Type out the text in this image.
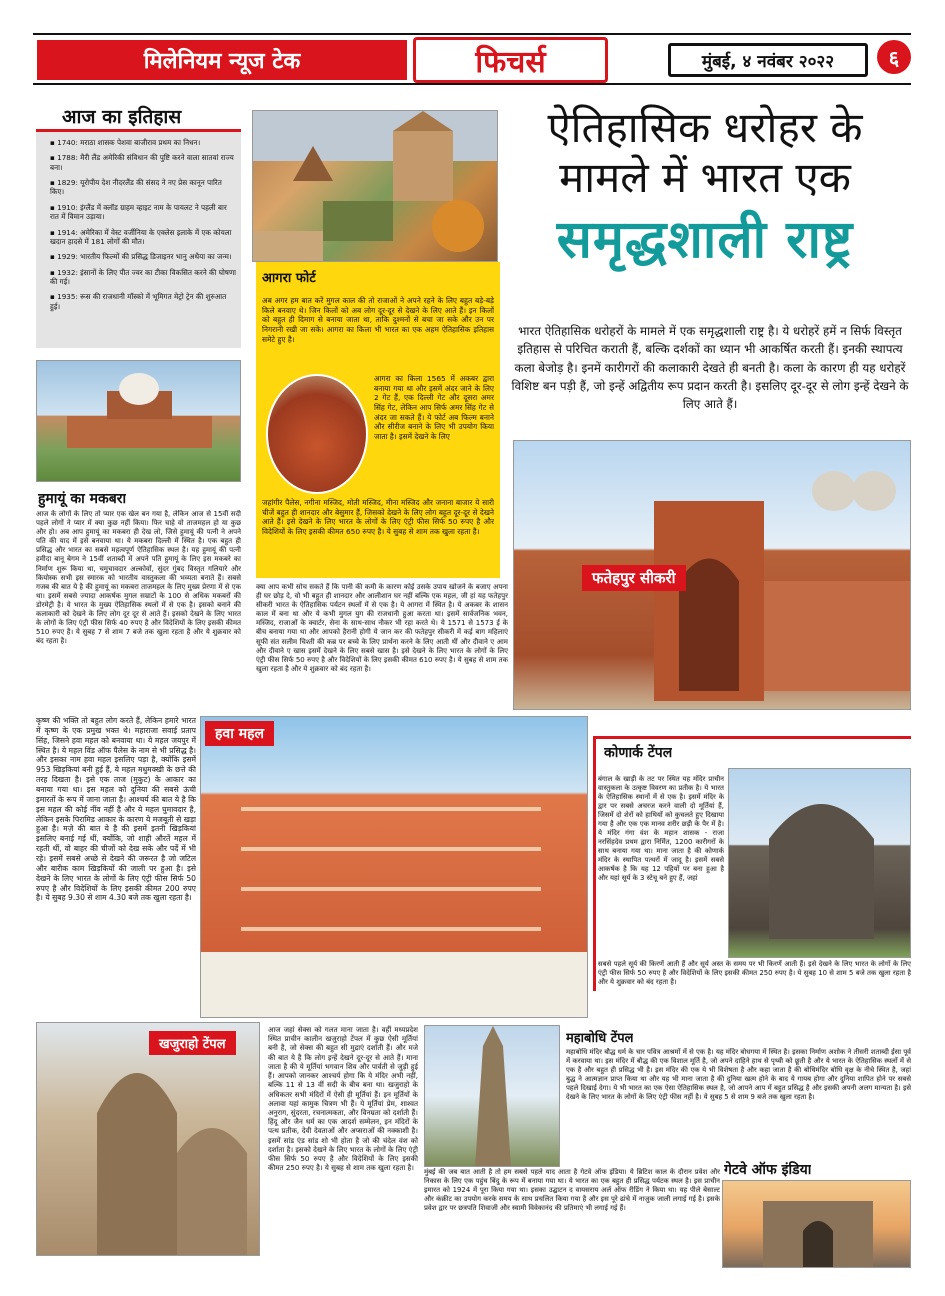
मिलेनियम न्यूज टेक	फिचर्स	मुंबई, ४ नवंबर २०२२	६
आज का इतिहास
▪ 1740: मराठा शासक पेशवा बाजीराव प्रथम का निधन।
▪ 1788: मैरी लैंड अमेरिकी संविधान की पुष्टि करने वाला सातवां राज्य बना।
▪ 1829: यूरोपीय देश नीदरलैंड की संसद ने नए प्रेस कानून पारित किए।
▪ 1910: इंग्लैंड में क्लॉड ग्राहम व्हाइट नाम के पायलट ने पहली बार रात में विमान उड़ाया।
▪ 1914: अमेरिका में वेस्ट वर्जीनिया के एक्लेस इलाके में एक कोयला खदान हादसे में 181 लोगों की मौत।
▪ 1929: भारतीय फिल्मों की प्रसिद्ध डिजाइनर भानु अथैया का जन्म।
▪ 1932: इंसानों के लिए पीत ज्वर का टीका विकसित करने की घोषणा की गई।
▪ 1935: रूस की राजधानी मॉस्को में भूमिगत मेट्रो ट्रेन की शुरुआत हुई।
ऐतिहासिक धरोहर के
मामले में भारत एक
समृद्धशाली राष्ट्र
भारत ऐतिहासिक धरोहरों के मामले में एक समृद्धशाली राष्ट्र है। ये धरोहरें हमें न सिर्फ विस्तृत इतिहास से परिचित कराती हैं, बल्कि दर्शकों का ध्यान भी आकर्षित करती हैं। इनकी स्थापत्य कला बेजोड़ है। इनमें कारीगरों की कलाकारी देखते ही बनती है। कला के कारण ही यह धरोहरें विशिष्ट बन पड़ी हैं, जो इन्हें अद्वितीय रूप प्रदान करती है। इसलिए दूर-दूर से लोग इन्हें देखने के लिए आते हैं।
आगरा फोर्ट
अब अगर हम बात करें मुगल काल की तो राजाओं ने अपने रहने के लिए बहुत बड़े-बड़े किले बनवाए थे। जिन किलों को अब लोग दूर-दूर से देखने के लिए आते हैं। इन किलों को बहुत ही दिमाग से बनाया जाता था, ताकि दुश्मनों से बचा जा सके और उन पर निगरानी रखी जा सके। आगरा का किला भी भारत का एक अहम ऐतिहासिक इतिहास समेटे हुए है।
आगरा का किला 1565 में अकबर द्वारा बनाया गया था और इसमें अंदर जाने के लिए 2 गेट हैं, एक दिल्ली गेट और दूसरा अमर सिंह गेट, लेकिन आप सिर्फ अमर सिंह गेट से अंदर जा सकते हैं। ये फोर्ट अब फिल्म बनाने और सीरीज बनाने के लिए भी उपयोग किया जाता है। इसमें देखने के लिए
जहांगीर पैलेस, नगीना मस्जिद, मोती मस्जिद, मीना मस्जिद और जनाना बाजार ये सारी चीजें बहुत ही शानदार और बेसुमार हैं, जिसको देखने के लिए लोग बहुत दूर-दूर से देखने आते हैं। इसे देखने के लिए भारत के लोगों के लिए एंट्री फीस सिर्फ 50 रुपए है और विदेशियों के लिए इसकी कीमत 650 रुपए है। ये सुबह से शाम तक खुला रहता है।
हुमायूं का मकबरा
आज के लोगों के लिए तो प्यार एक खेल बन गया है, लेकिन आज से 15वीं सदी पहले लोगों ने प्यार में क्या कुछ नहीं किया। फिर चाहे वो ताजमहल हो या कुछ और हो। अब आप हुमायूं का मकबरा ही देख लो, जिसे हुमायूं की पत्नी ने अपने पति की याद में इसे बनवाया था। ये मकबरा दिल्ली में स्थित है। एक बहुत ही प्रसिद्ध और भारत का सबसे महत्वपूर्ण ऐतिहासिक स्थल है। यह हुमायूं की पत्नी हमीदा बानू बेगम ने 15वीं शताब्दी में अपने पति हुमायूं के लिए इस मकबरे का निर्माण शुरू किया था, चमुचावदार अल्कोवों, सुंदर गुंबद विस्तृत गलियारे और कियोस्क सभी इस स्मारक को भारतीय वास्तुकला की भव्यता बनाते हैं। सबसे गजब की बात ये है की हुमायूं का मकबरा ताजमहल के लिए मुख्य प्रेरणा में से एक था। इसमें सबसे ज्यादा आकर्षक मुगल सम्राटों के 100 से अधिक मकबरों की डोरमेट्री है। ये भारत के मुख्य ऐतिहासिक स्थलों में से एक है। इसको बनाने की कलाकारी को देखने के लिए लोग दूर दूर से आते हैं। इसको देखने के लिए भारत के लोगों के लिए एंट्री फीस सिर्फ 40 रुपए है और विदेशियों के लिए इसकी कीमत 510 रुपए है। ये सुबह 7 से शाम 7 बजे तक खुला रहता है और ये शुक्रवार को बंद रहता है।
फतेहपुर सीकरी
क्या आप कभी सोच सकते हैं कि पानी की कमी के कारण कोई उसके उपाय खोजने के बजाए अपना ही घर छोड़ दे, वो भी बहुत ही शानदार और आलीशान घर नहीं बल्कि एक महल, जी हां यह फतेहपुर सीकरी भारत के ऐतिहासिक पर्यटन स्थलों में से एक है। ये आगरा में स्थित है। ये अकबर के शासन काल में बना था और ये कभी मुगल युग की राजधानी हुआ करता था। इसमें सार्वजनिक भवन, मस्जिद, राजाओं के क्वार्टर, सेना के साथ-साथ नौकर भी रहा करते थे। ये 1571 से 1573 ई के बीच बनाया गया था और आपको हैरानी होगी ये जान कर की फतेहपुर सीकरी में कई बाग महिलाएं सूफी संत सलीम चिश्ती की कब्र पर बच्चे के लिए प्रार्थना करने के लिए आती थीं और दीवाने ए आम और दीवाने ए खास इसमें देखने के लिए सबसे खास है। इसे देखने के लिए भारत के लोगों के लिए एंट्री फीस सिर्फ 50 रुपए है और विदेशियों के लिए इसकी कीमत 610 रुपए है। ये सुबह से शाम तक खुला रहता है और ये शुक्रवार को बंद रहता है।
कृष्ण की भक्ति तो बहुत लोग करते हैं, लेकिन हमारे भारत में कृष्ण के एक प्रमुख भक्त थे। महाराजा सवाई प्रताप सिंह, जिसने हवा महल को बनवाया था। ये महल जयपुर में स्थित है। ये महल विंड ऑफ पैलेस के नाम से भी प्रसिद्ध है। और इसका नाम हवा महल इसलिए पड़ा है, क्योंकि इसमें 953 खिड़कियां बनी हुई हैं, ये महल मधुमक्खी के छत्ते की तरह दिखता है। इसे एक ताज (मुकुट) के आकार का बनाया गया था। इस महल को दुनिया की सबसे ऊंची इमारतों के रूप में जाना जाता है। आश्चर्य की बात ये है कि इस महल की कोई नींव नहीं है और ये महल घुमावदार है, लेकिन इसके पिरामिड आकार के कारण ये मजबूती से खड़ा हुआ है। मज़े की बात ये है की इसमें इतनी खिड़कियां इसलिए बनाई गई थीं, क्योंकि, जो शाही औरतें महल में रहती थीं, वो बाहर की चीजों को देख सके और पर्दे में भी रहे। इसमें सबसे अच्छे से देखने की जरूरत है जो जटिल और बारीक काम खिड़कियों की जाली पर हुआ है। इसे देखने के लिए भारत के लोगों के लिए एंट्री फीस सिर्फ 50 रुपए है और विदेशियों के लिए इसकी कीमत 200 रुपए है। ये सुबह 9.30 से शाम 4.30 बजे तक खुला रहता है।
हवा महल
कोणार्क टेंपल
बंगाल के खाड़ी के तट पर स्थित यह मंदिर प्राचीन वास्तुकला के उत्कृष्ट विवरण का प्रतीक है। ये भारत के ऐतिहासिक स्थानों में से एक है। इसमें मंदिर के द्वार पर सबसे अचरज करने वाली दो मूर्तियां हैं, जिसमें दो शेरों को हाथियों को कुचलते हुए दिखाया गया है और एक एक मानव शरीर छड़ी के पैर में है। ये मंदिर गंगा वंश के महान शासक - राजा नरसिंहदेव प्रथम द्वारा निर्मित, 1200 कारीगरों के साथ बनाया गया था। माना जाता है की कोणार्क मंदिर के स्थापित पत्थरों में जादू है। इसमें सबसे आकर्षक है कि यह 12 पहियों पर बना हुआ है और यहां सूर्य के 3 स्टेचू बने हुए हैं, जहां
सबसे पहले सूर्य की किरणें आती हैं और सूर्य अस्त के समय पर भी किरणें आती हैं। इसे देखने के लिए भारत के लोगों के लिए एंट्री फीस सिर्फ 50 रुपए है और विदेशियों के लिए इसकी कीमत 250 रुपए है। ये सुबह 10 से शाम 5 बजे तक खुला रहता है और ये शुक्रवार को बंद रहता है।
खजुराहो टेंपल
आज जहां सेक्स को गलत माना जाता है। वहीं मध्यप्रदेश स्थित प्राचीन कालीन खजुराहो टेंपल में कुछ ऐसी मूर्तियां बनी है, जो सेक्स की बहुत सी मुद्राएं दर्शाती हैं। और मजे की बात ये है कि लोग इन्हें देखने दूर-दूर से आते हैं। माना जाता है की ये मूर्तियां भगवान शिव और पार्वती से जुड़ी हुई हैं। आपको जानकर आश्चर्य होगा कि ये मंदिर अभी नहीं, बल्कि 11 से 13 वीं सदी के बीच बना था। खजुराहो के अधिकतर सभी मंदिरों में ऐसी ही मूर्तियां हैं। इन मूर्तियों के अलावा यहां कामुक चित्रण भी हैं। ये मूर्तियां प्रेम, शाश्वत अनुराग, सुंदरता, रचनात्मकता, और विनम्रता को दर्शाती हैं। हिंदू और जैन धर्म का एक आदर्श सम्मेलन, इन मंदिरों के पत्थ प्रतीक, देवी देवताओं और अप्सराओं की नक्काशी है। इसमें सांड एंड सांड शो भी होता है जो की चंदेल वंश को दर्शाता है। इसको देखने के लिए भारत के लोगों के लिए एंट्री फीस सिर्फ 50 रुपए है और विदेशियों के लिए इसकी कीमत 250 रुपए है। ये सुबह से शाम तक खुला रहता है।
महाबोधि टेंपल
महाबोधि मंदिर बौद्ध धर्म के चार पवित्र आश्रमों में से एक है। यह मंदिर बोधगया में स्थित है। इसका निर्माण अशोक ने तीसरी शताब्दी ईसा पूर्व में करवाया था। इस मंदिर में बौद्ध की एक विशाल मूर्ति है, जो अपने दाहिने हाथ से पृथ्वी को छूती है और ये भारत के ऐतिहासिक स्थलों में से एक है और बहुत ही प्रसिद्ध भी है। इस मंदिर की एक ये भी विशेषता है और कहा जाता है की बोधिमंदिर बोधि वृक्ष के नीचे स्थित है, जहां बुद्ध ने आत्मज्ञान प्राप्त किया था और यह भी माना जाता है की दुनिया खत्म होने के बाद ये गायब होगा और दुनिया शापित होने पर सबसे पहले दिखाई देगा। ये भी भारत का एक ऐसा ऐतिहासिक स्थल है, जो आपने आप में बहुत प्रसिद्ध है और इसकी अपनी अलग मान्यता है। इसे देखने के लिए भारत के लोगों के लिए एंट्री फीस नहीं है। ये सुबह 5 से शाम 9 बजे तक खुला रहता है।
गेटवे ऑफ इंडिया
मुंबई की जब बात आती है तो हम सबसे पहले याद आता है गेटवे ऑफ इंडिया। ये ब्रिटिश काल के दौरान प्रवेश और निकास के लिए एक पहुंच बिंदु के रूप में बनाया गया था। ये भारत का एक बहुत ही प्रसिद्ध पर्यटक स्थल है। इस प्राचीन इमारत को 1924 में पूरा किया गया था। इसका उद्घाटन द वायसराय अर्ल ऑफ रीडिंग ने किया था। यह पीले बेसाल्ट और कंक्रीट का उपयोग करके समय के साथ प्रचलित किया गया है और इस पूरे ढांचे में नाजुक जाली लगाई गई है। इसके प्रवेश द्वार पर छत्रपति शिवाजी और स्वामी विवेकानंद की प्रतिमाएं भी लगाई गई हैं।
